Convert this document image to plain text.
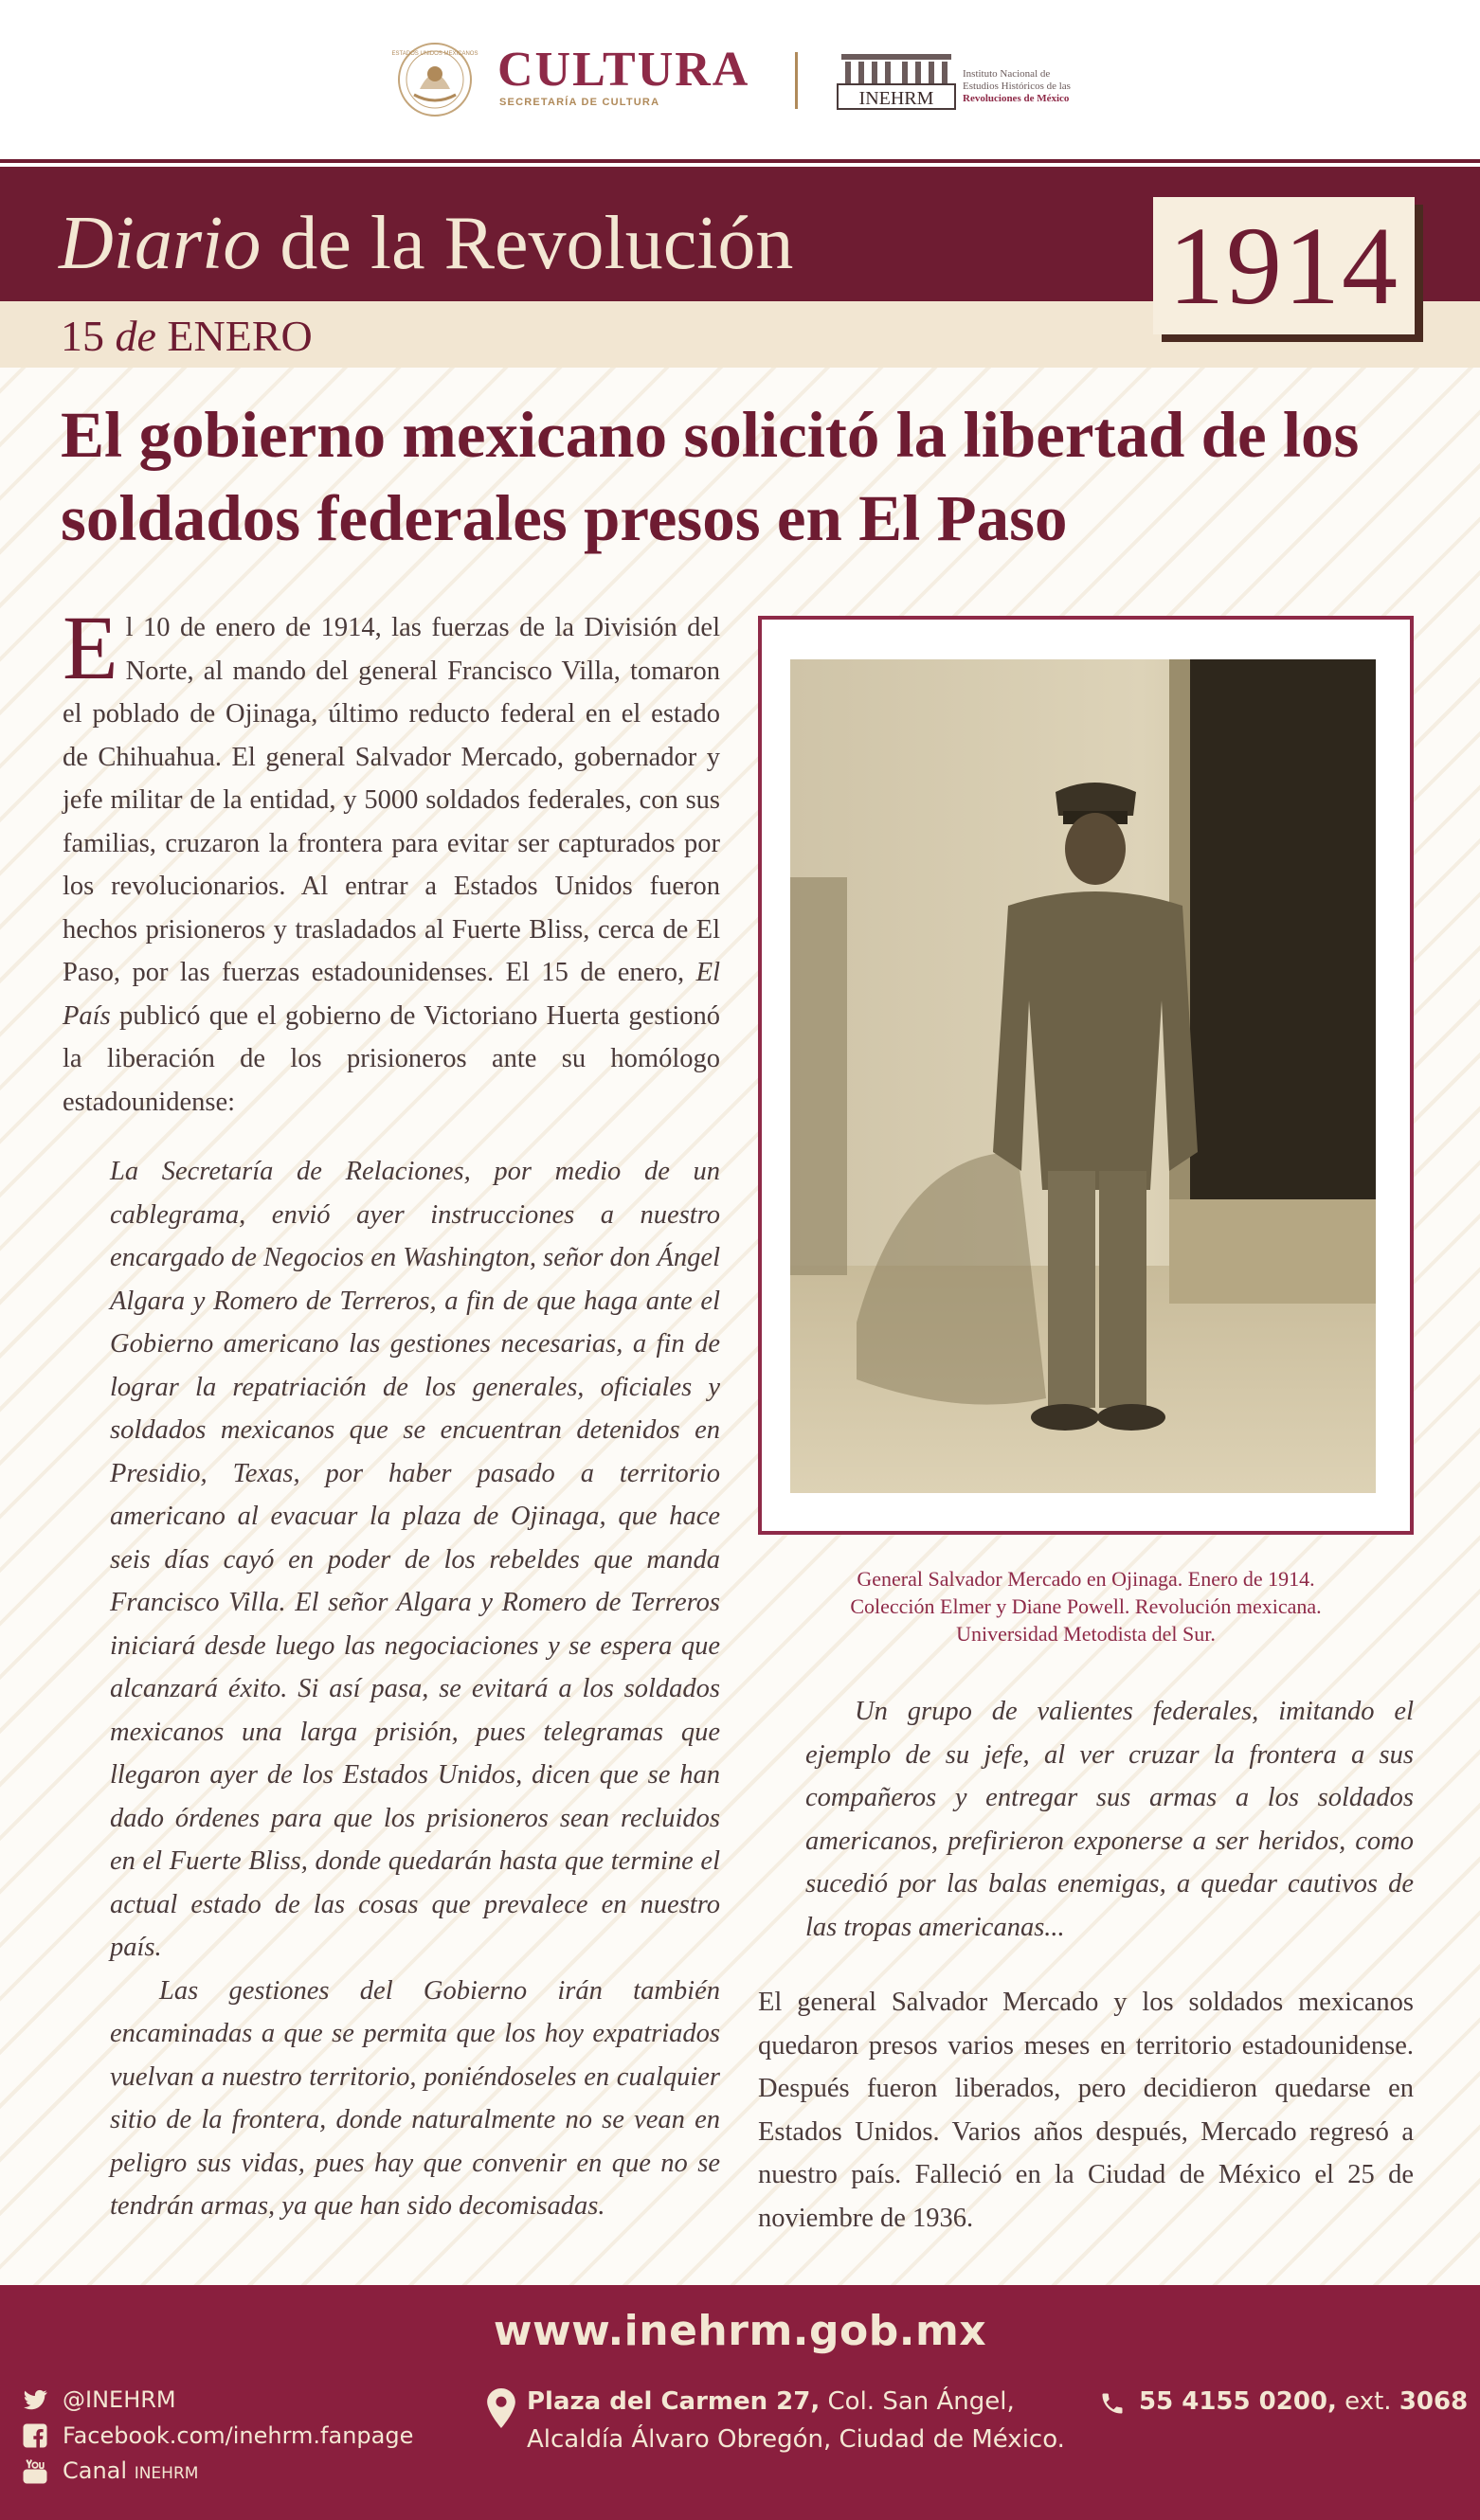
ESTADOS UNIDOS MEXICANOS CULTURA
SECRETARÍA DE CULTURA	INEHRM
Instituto Nacional de
Estudios Históricos de las
Revoluciones de México
Diario de la Revolución
15 de ENERO
1914
El gobierno mexicano solicitó la libertad de los soldados federales presos en El Paso
El 10 de enero de 1914, las fuerzas de la División del Norte, al mando del general Francisco Villa, tomaron el poblado de Ojinaga, último reducto federal en el estado de Chihuahua. El general Salvador Mercado, gobernador y jefe militar de la entidad, y 5000 soldados federales, con sus familias, cruzaron la frontera para evitar ser capturados por los revolucionarios. Al entrar a Estados Unidos fueron hechos prisioneros y trasladados al Fuerte Bliss, cerca de El Paso, por las fuerzas estadounidenses. El 15 de enero, El País publicó que el gobierno de Victoriano Huerta gestionó la liberación de los prisioneros ante su homólogo estadounidense:

La Secretaría de Relaciones, por medio de un cablegrama, envió ayer instrucciones a nuestro encargado de Negocios en Washington, señor don Ángel Algara y Romero de Terreros, a fin de que haga ante el Gobierno americano las gestiones necesarias, a fin de lograr la repatriación de los generales, oficiales y soldados mexicanos que se encuentran detenidos en Presidio, Texas, por haber pasado a territorio americano al evacuar la plaza de Ojinaga, que hace seis días cayó en poder de los rebeldes que manda Francisco Villa. El señor Algara y Romero de Terreros iniciará desde luego las negociaciones y se espera que alcanzará éxito. Si así pasa, se evitará a los soldados mexicanos una larga prisión, pues telegramas que llegaron ayer de los Estados Unidos, dicen que se han dado órdenes para que los prisioneros sean recluidos en el Fuerte Bliss, donde quedarán hasta que termine el actual estado de las cosas que prevalece en nuestro país.

Las gestiones del Gobierno irán también encaminadas a que se permita que los hoy expatriados vuelvan a nuestro territorio, poniéndoseles en cualquier sitio de la frontera, donde naturalmente no se vean en peligro sus vidas, pues hay que convenir en que no se tendrán armas, ya que han sido decomisadas.

General Salvador Mercado en Ojinaga. Enero de 1914.
Colección Elmer y Diane Powell. Revolución mexicana.
Universidad Metodista del Sur.

Un grupo de valientes federales, imitando el ejemplo de su jefe, al ver cruzar la frontera a sus compañeros y entregar sus armas a los soldados americanos, prefirieron exponerse a ser heridos, como sucedió por las balas enemigas, a quedar cautivos de las tropas americanas...

El general Salvador Mercado y los soldados mexicanos quedaron presos varios meses en territorio estadounidense. Después fueron liberados, pero decidieron quedarse en Estados Unidos. Varios años después, Mercado regresó a nuestro país. Falleció en la Ciudad de México el 25 de noviembre de 1936.

www.inehrm.gob.mx
@INEHRM
Facebook.com/inehrm.fanpage
Canal INEHRM
Plaza del Carmen 27, Col. San Ángel,
Alcaldía Álvaro Obregón, Ciudad de México.
55 4155 0200, ext. 3068
